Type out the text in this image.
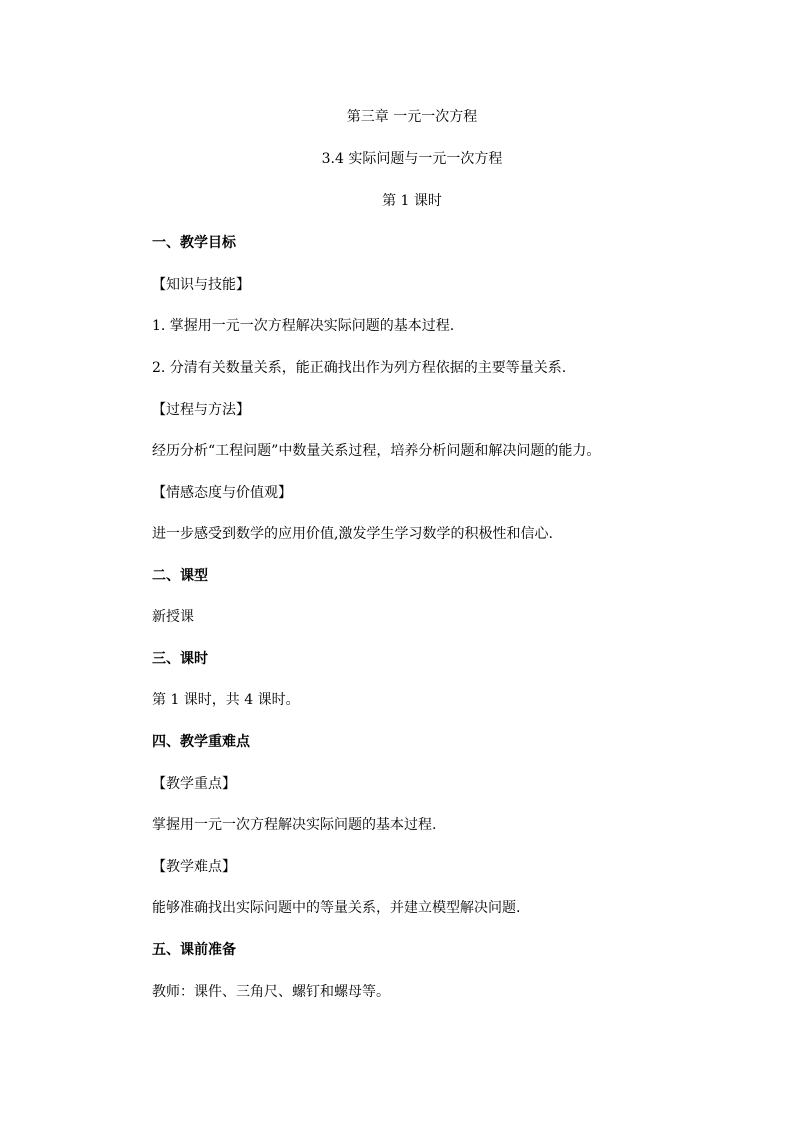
第三章 一元一次方程
3.4 实际问题与一元一次方程
第 1 课时
一、教学目标
【知识与技能】
1. 掌握用一元一次方程解决实际问题的基本过程.
2. 分清有关数量关系，能正确找出作为列方程依据的主要等量关系.
【过程与方法】
经历分析“工程问题”中数量关系过程，培养分析问题和解决问题的能力。
【情感态度与价值观】
进一步感受到数学的应用价值,激发学生学习数学的积极性和信心.
二、课型
新授课
三、课时
第 1 课时，共 4 课时。
四、教学重难点
【教学重点】
掌握用一元一次方程解决实际问题的基本过程.
【教学难点】
能够准确找出实际问题中的等量关系，并建立模型解决问题.
五、课前准备
教师：课件、三角尺、螺钉和螺母等。
